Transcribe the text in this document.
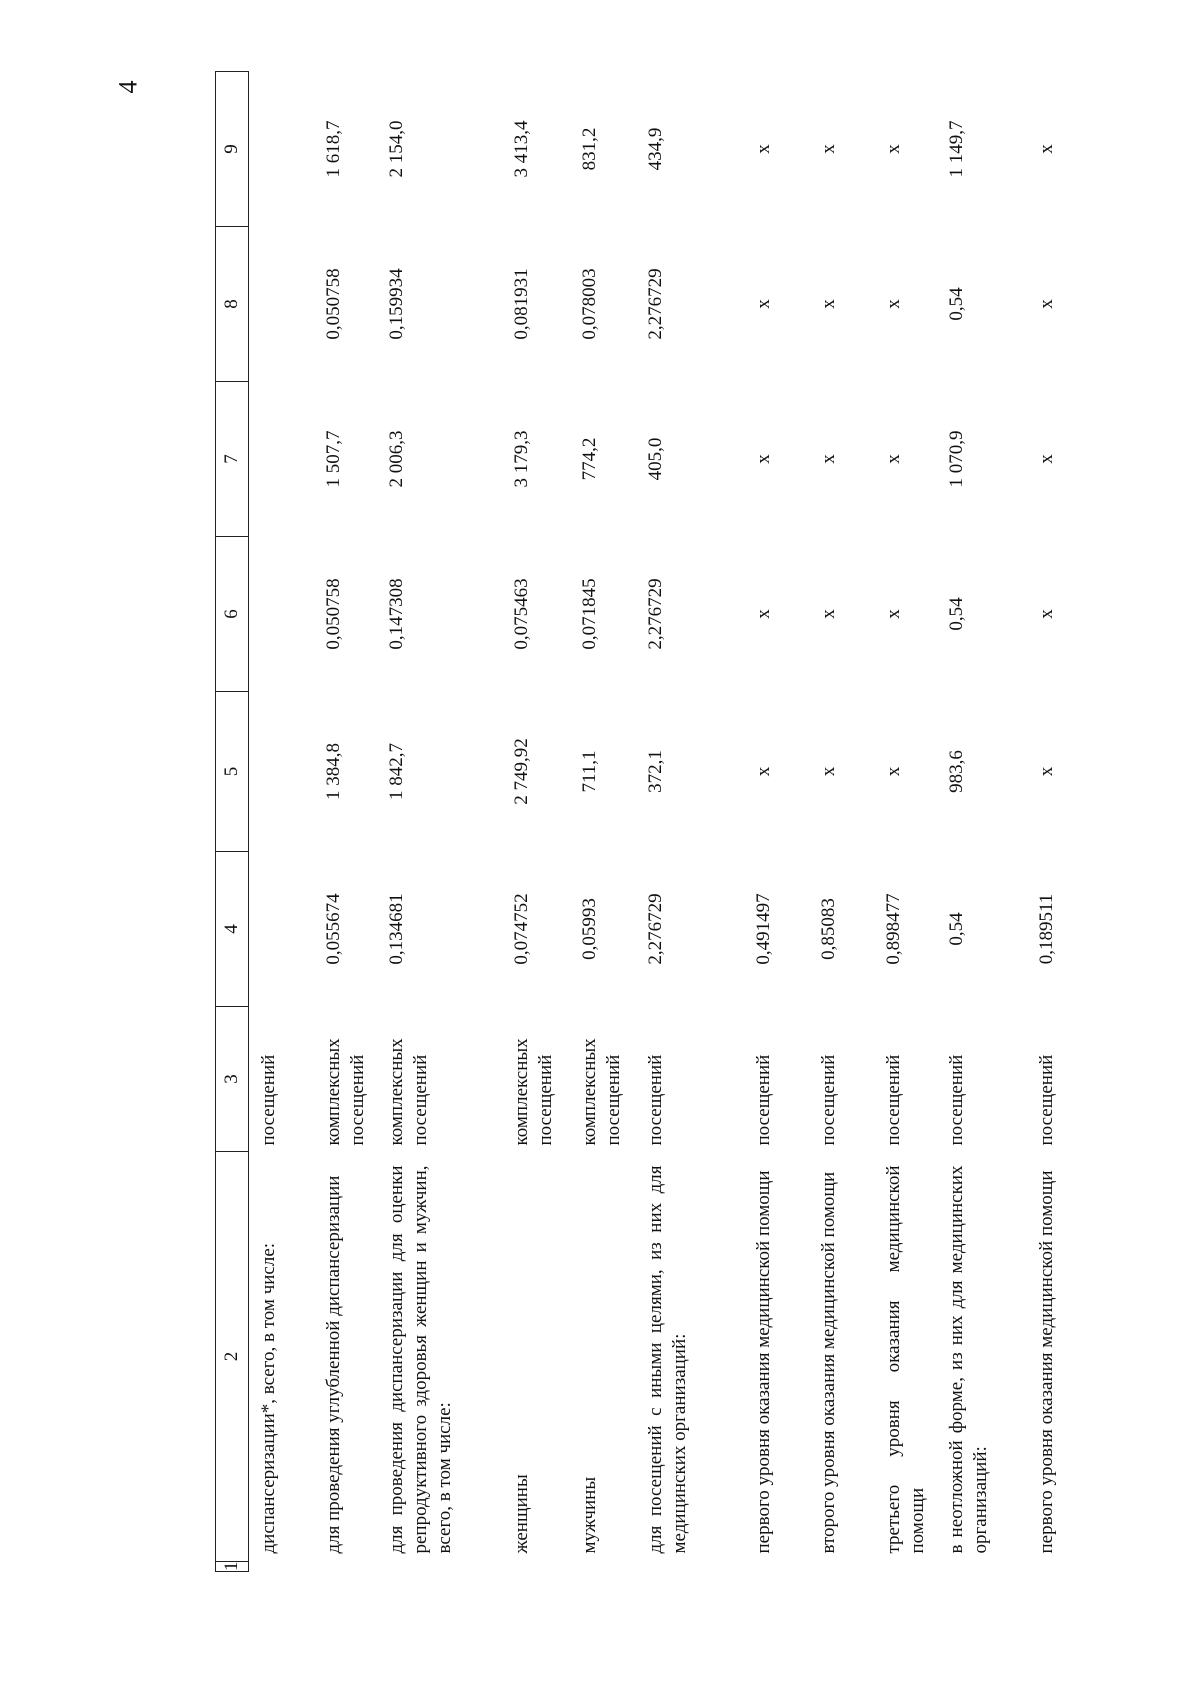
4
1	2	3	4	5	6	7	8	9
	диспансеризации*, всего, в том числе:	посещений						
	для проведения углубленной диспансеризации	комплексных посещений	0,055674	1 384,8	0,050758	1 507,7	0,050758	1 618,7
	для проведения диспансеризации для оценки репродуктивного здоровья женщин и мужчин, всего, в том числе:	комплексных посещений	0,134681	1 842,7	0,147308	2 006,3	0,159934	2 154,0
	женщины	комплексных посещений	0,074752	2 749,92	0,075463	3 179,3	0,081931	3 413,4
	мужчины	комплексных посещений	0,05993	711,1	0,071845	774,2	0,078003	831,2
	для посещений с иными целями, из них для медицинских организаций:	посещений	2,276729	372,1	2,276729	405,0	2,276729	434,9
	первого уровня оказания медицинской помощи	посещений	0,491497	х	х	х	х	х
	второго уровня оказания медицинской помощи	посещений	0,85083	х	х	х	х	х
	третьего уровня оказания медицинской помощи	посещений	0,898477	х	х	х	х	х
	в неотложной форме, из них для медицинских организаций:	посещений	0,54	983,6	0,54	1 070,9	0,54	1 149,7
	первого уровня оказания медицинской помощи	посещений	0,189511	х	х	х	х	х
